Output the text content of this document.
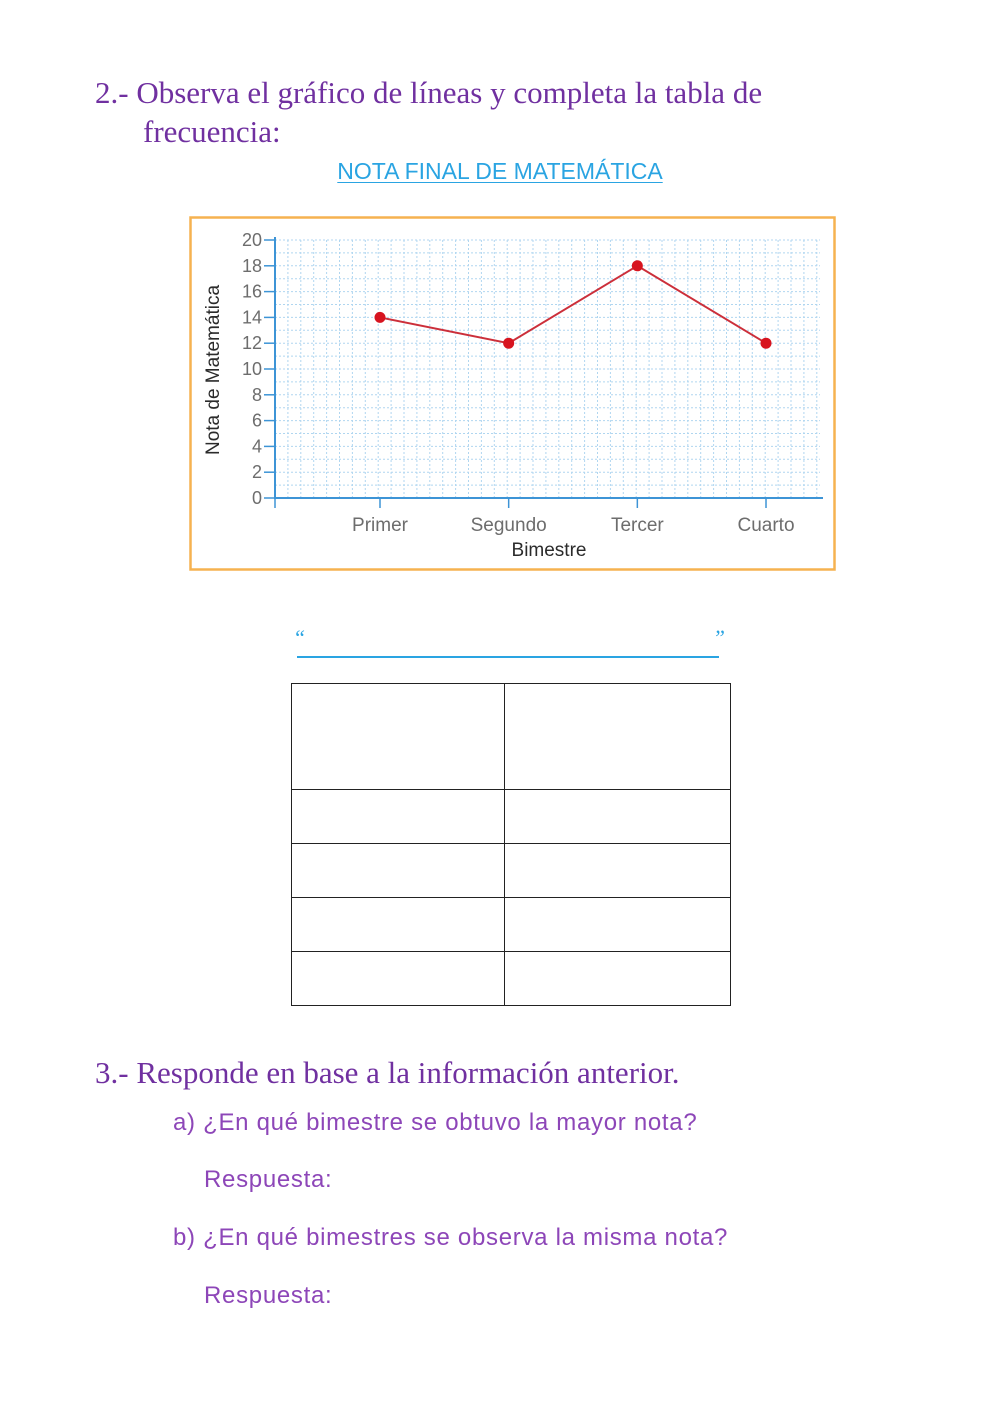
2.- Observa el gráfico de líneas y completa la tabla de
frecuencia:
NOTA FINAL DE MATEMÁTICA
0
2
4
6
8
10
12
14
16
18
20
Primer	Segundo	Tercer	Cuarto
Bimestre
Nota de Matemática
“	”
3.- Responde en base a la información anterior.
a) ¿En qué bimestre se obtuvo la mayor nota?
Respuesta:
b) ¿En qué bimestres se observa la misma nota?
Respuesta:
